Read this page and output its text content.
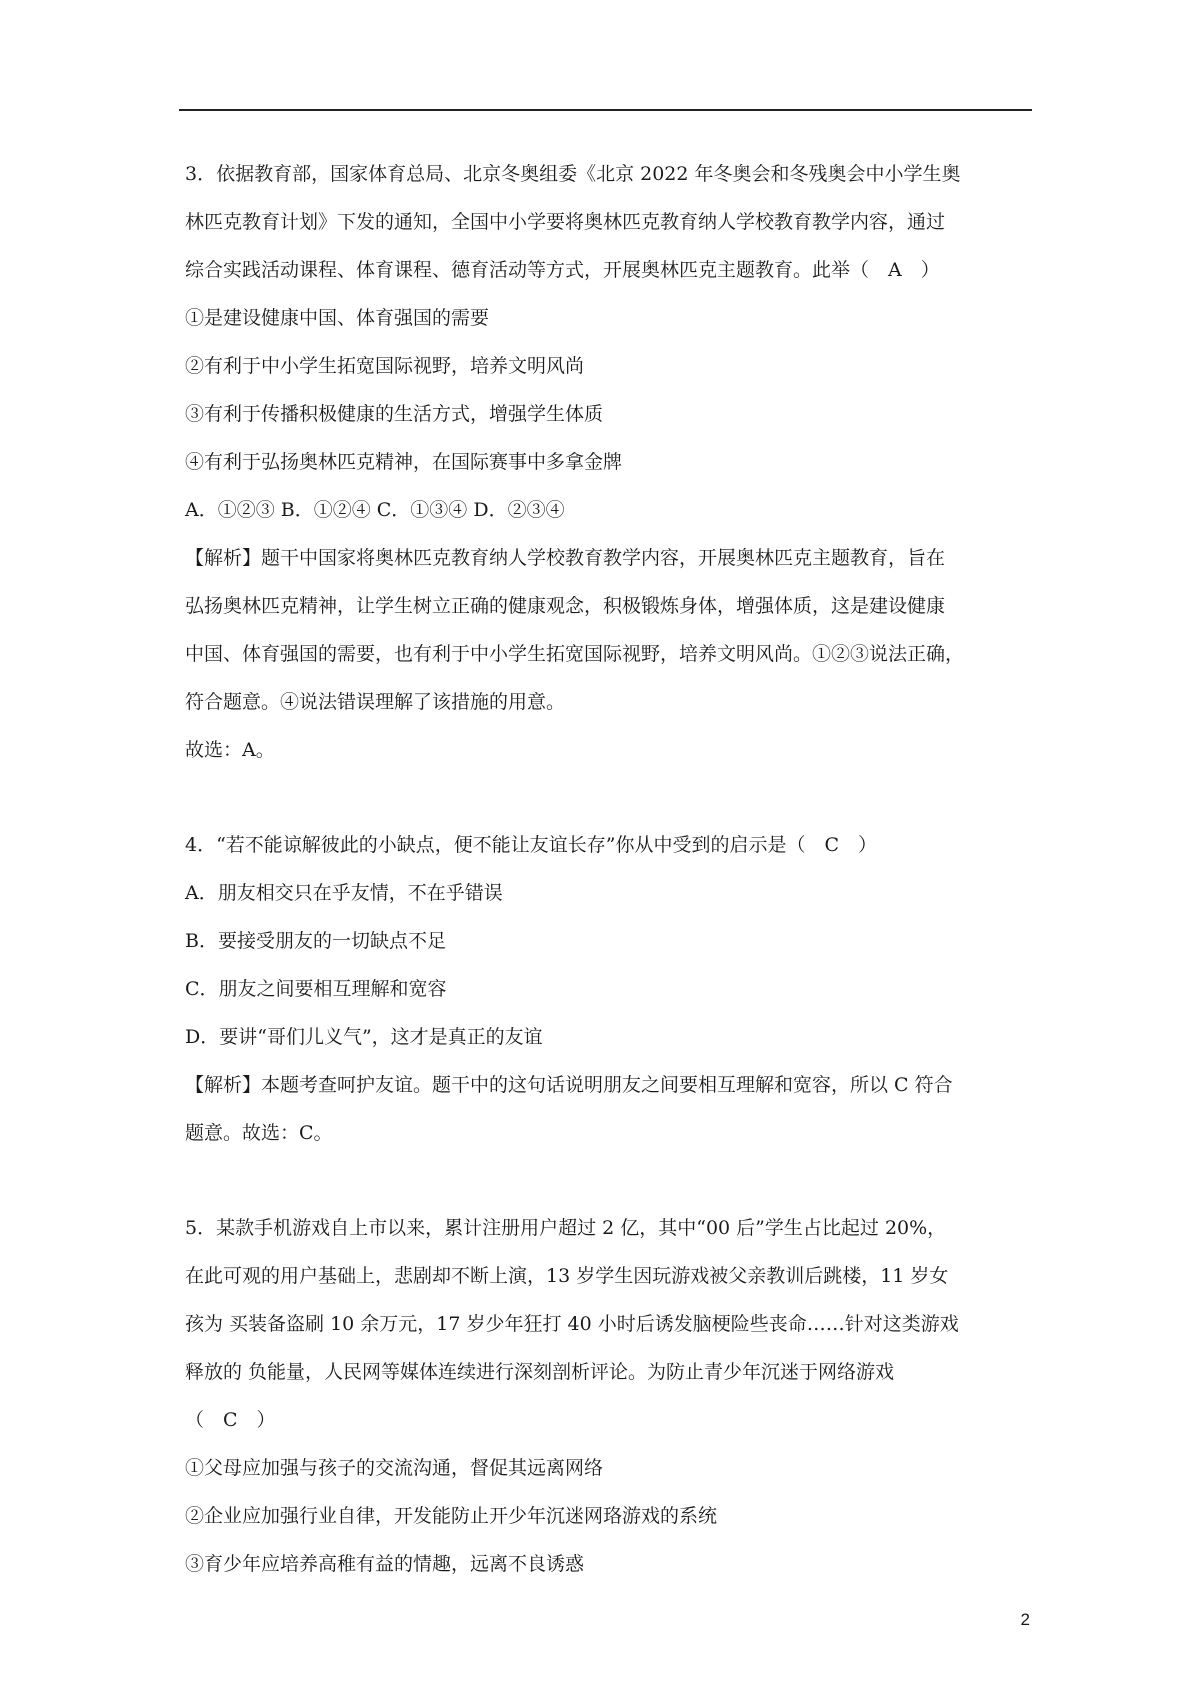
3．依据教育部，国家体育总局、北京冬奥组委《北京 2022 年冬奥会和冬残奥会中小学生奥
林匹克教育计划》下发的通知，全国中小学要将奥林匹克教育纳人学校教育教学内容，通过
综合实践活动课程、体育课程、德育活动等方式，开展奥林匹克主题教育。此举（　A　）
①是建设健康中国、体育强国的需要
②有利于中小学生拓宽国际视野，培养文明风尚
③有利于传播积极健康的生活方式，增强学生体质
④有利于弘扬奥林匹克精神，在国际赛事中多拿金牌
A．①②③ B．①②④ C．①③④ D．②③④
【解析】题干中国家将奥林匹克教育纳人学校教育教学内容，开展奥林匹克主题教育，旨在
弘扬奥林匹克精神，让学生树立正确的健康观念，积极锻炼身体，增强体质，这是建设健康
中国、体育强国的需要，也有利于中小学生拓宽国际视野，培养文明风尚。①②③说法正确，
符合题意。④说法错误理解了该措施的用意。
故选：A。
4．“若不能谅解彼此的小缺点，便不能让友谊长存”你从中受到的启示是（　C　）
A．朋友相交只在乎友情，不在乎错误
B．要接受朋友的一切缺点不足
C．朋友之间要相互理解和宽容
D．要讲“哥们儿义气”，这才是真正的友谊
【解析】本题考查呵护友谊。题干中的这句话说明朋友之间要相互理解和宽容，所以 C 符合
题意。故选：C。
5．某款手机游戏自上市以来，累计注册用户超过 2 亿，其中“00 后”学生占比起过 20%，
在此可观的用户基础上，悲剧却不断上演，13 岁学生因玩游戏被父亲教训后跳楼，11 岁女
孩为 买装备盗刷 10 余万元，17 岁少年狂打 40 小时后诱发脑梗险些丧命……针对这类游戏
释放的 负能量，人民网等媒体连续进行深刻剖析评论。为防止青少年沉迷于网络游戏
（　C　）
①父母应加强与孩子的交流沟通，督促其远离网络
②企业应加强行业自律，开发能防止开少年沉迷网珞游戏的系统
③育少年应培养高稚有益的情趣，远离不良诱惑
2
